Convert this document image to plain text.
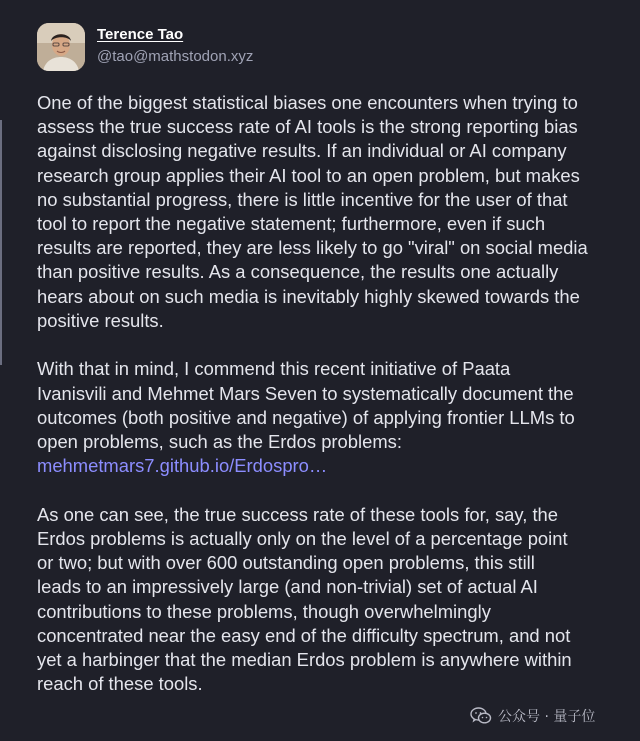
Terence Tao
@tao@mathstodon.xyz

One of the biggest statistical biases one encounters when trying to
assess the true success rate of AI tools is the strong reporting bias
against disclosing negative results. If an individual or AI company
research group applies their AI tool to an open problem, but makes
no substantial progress, there is little incentive for the user of that
tool to report the negative statement; furthermore, even if such
results are reported, they are less likely to go "viral" on social media
than positive results. As a consequence, the results one actually
hears about on such media is inevitably highly skewed towards the
positive results.

With that in mind, I commend this recent initiative of Paata
Ivanisvili and Mehmet Mars Seven to systematically document the
outcomes (both positive and negative) of applying frontier LLMs to
open problems, such as the Erdos problems:
mehmetmars7.github.io/Erdospro…

As one can see, the true success rate of these tools for, say, the
Erdos problems is actually only on the level of a percentage point
or two; but with over 600 outstanding open problems, this still
leads to an impressively large (and non-trivial) set of actual AI
contributions to these problems, though overwhelmingly
concentrated near the easy end of the difficulty spectrum, and not
yet a harbinger that the median Erdos problem is anywhere within
reach of these tools.

公众号 · 量子位
